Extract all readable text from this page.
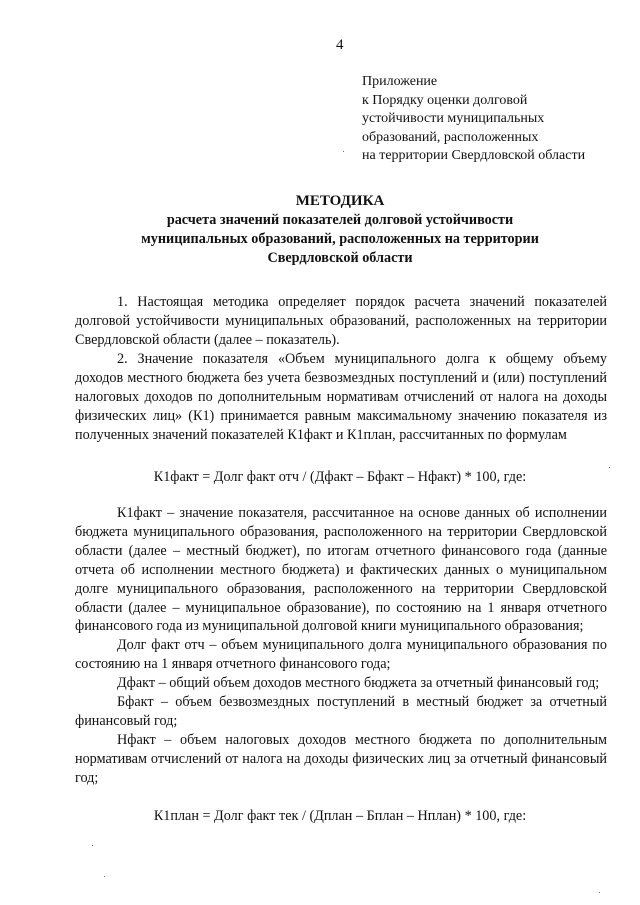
4
Приложение
к Порядку оценки долговой
устойчивости муниципальных
образований, расположенных
на территории Свердловской области
МЕТОДИКА
расчета значений показателей долговой устойчивости
муниципальных образований, расположенных на территории
Свердловской области

1. Настоящая методика определяет порядок расчета значений показателей долговой устойчивости муниципальных образований, расположенных на территории Свердловской области (далее – показатель).

2. Значение показателя «Объем муниципального долга к общему объему доходов местного бюджета без учета безвозмездных поступлений и (или) поступлений налоговых доходов по дополнительным нормативам отчислений от налога на доходы физических лиц» (К1) принимается равным максимальному значению показателя из полученных значений показателей К1факт и К1план, рассчитанных по формулам

К1факт = Долг факт отч / (Дфакт – Бфакт – Нфакт) * 100, где:

К1факт – значение показателя, рассчитанное на основе данных об исполнении бюджета муниципального образования, расположенного на территории Свердловской области (далее – местный бюджет), по итогам отчетного финансового года (данные отчета об исполнении местного бюджета) и фактических данных о муниципальном долге муниципального образования, расположенного на территории Свердловской области (далее – муниципальное образование), по состоянию на 1 января отчетного финансового года из муниципальной долговой книги муниципального образования;

Долг факт отч – объем муниципального долга муниципального образования по состоянию на 1 января отчетного финансового года;

Дфакт – общий объем доходов местного бюджета за отчетный финансовый год;

Бфакт – объем безвозмездных поступлений в местный бюджет за отчетный финансовый год;

Нфакт – объем налоговых доходов местного бюджета по дополнительным нормативам отчислений от налога на доходы физических лиц за отчетный финансовый год;

К1план = Долг факт тек / (Дплан – Бплан – Нплан) * 100, где:
